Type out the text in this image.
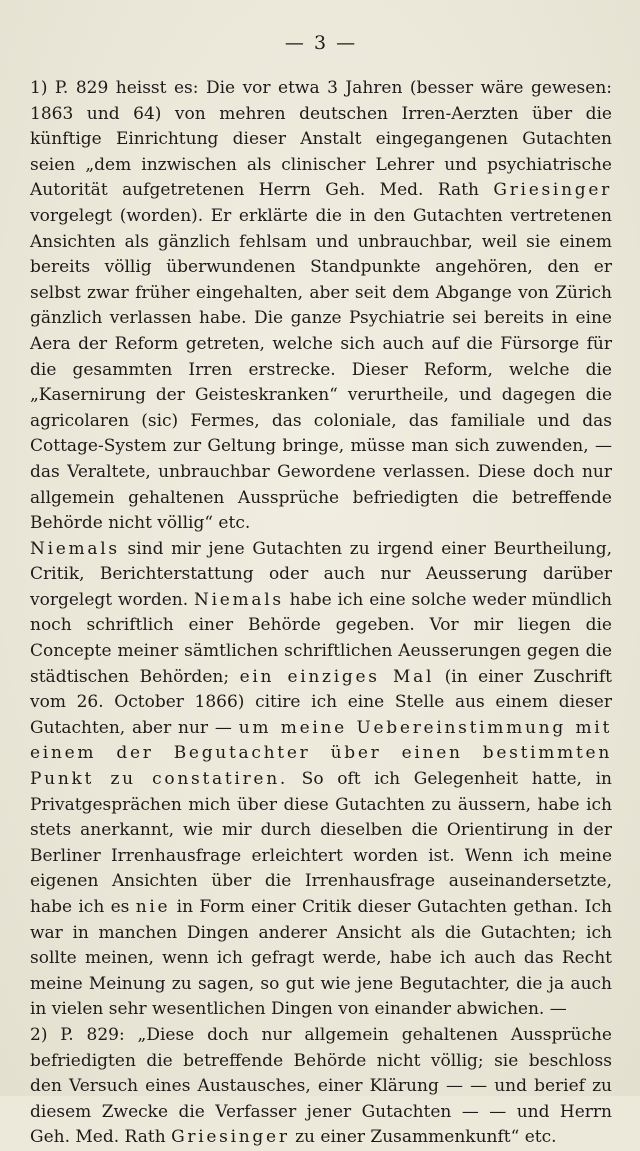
— 3 —

1) P. 829 heisst es: Die vor etwa 3 Jahren (besser wäre gewesen: 1863 und 64) von mehren deutschen Irren-Aerzten über die künftige Einrichtung dieser Anstalt eingegangenen Gutachten seien „dem inzwischen als clinischer Lehrer und psychiatrische Autorität aufgetretenen Herrn Geh. Med. Rath Griesinger vorgelegt (worden). Er erklärte die in den Gutachten vertretenen Ansichten als gänzlich fehlsam und unbrauchbar, weil sie einem bereits völlig überwundenen Standpunkte angehören, den er selbst zwar früher eingehalten, aber seit dem Abgange von Zürich gänzlich verlassen habe. Die ganze Psychiatrie sei bereits in eine Aera der Reform getreten, welche sich auch auf die Fürsorge für die gesammten Irren erstrecke. Dieser Reform, welche die „Kasernirung der Geisteskranken“ verurtheile, und dagegen die agricolaren (sic) Fermes, das coloniale, das familiale und das Cottage-System zur Geltung bringe, müsse man sich zuwenden, — das Veraltete, unbrauchbar Gewordene verlassen. Diese doch nur allgemein gehaltenen Aussprüche befriedigten die betreffende Behörde nicht völlig“ etc.

Niemals sind mir jene Gutachten zu irgend einer Beurtheilung, Critik, Berichterstattung oder auch nur Aeusserung darüber vorgelegt worden. Niemals habe ich eine solche weder mündlich noch schriftlich einer Behörde gegeben. Vor mir liegen die Concepte meiner sämtlichen schriftlichen Aeusserungen gegen die städtischen Behörden; ein einziges Mal (in einer Zuschrift vom 26. October 1866) citire ich eine Stelle aus einem dieser Gutachten, aber nur — um meine Uebereinstimmung mit einem der Begutachter über einen bestimmten Punkt zu constatiren. So oft ich Gelegenheit hatte, in Privatgesprächen mich über diese Gutachten zu äussern, habe ich stets anerkannt, wie mir durch dieselben die Orientirung in der Berliner Irrenhausfrage erleichtert worden ist. Wenn ich meine eigenen Ansichten über die Irrenhausfrage auseinandersetzte, habe ich es nie in Form einer Critik dieser Gutachten gethan. Ich war in manchen Dingen anderer Ansicht als die Gutachten; ich sollte meinen, wenn ich gefragt werde, habe ich auch das Recht meine Meinung zu sagen, so gut wie jene Begutachter, die ja auch in vielen sehr wesentlichen Dingen von einander abwichen. —

2) P. 829: „Diese doch nur allgemein gehaltenen Aussprüche befriedigten die betreffende Behörde nicht völlig; sie beschloss den Versuch eines Austausches, einer Klärung — — und berief zu diesem Zwecke die Verfasser jener Gutachten — — und Herrn Geh. Med. Rath Griesinger zu einer Zusammenkunft“ etc.
